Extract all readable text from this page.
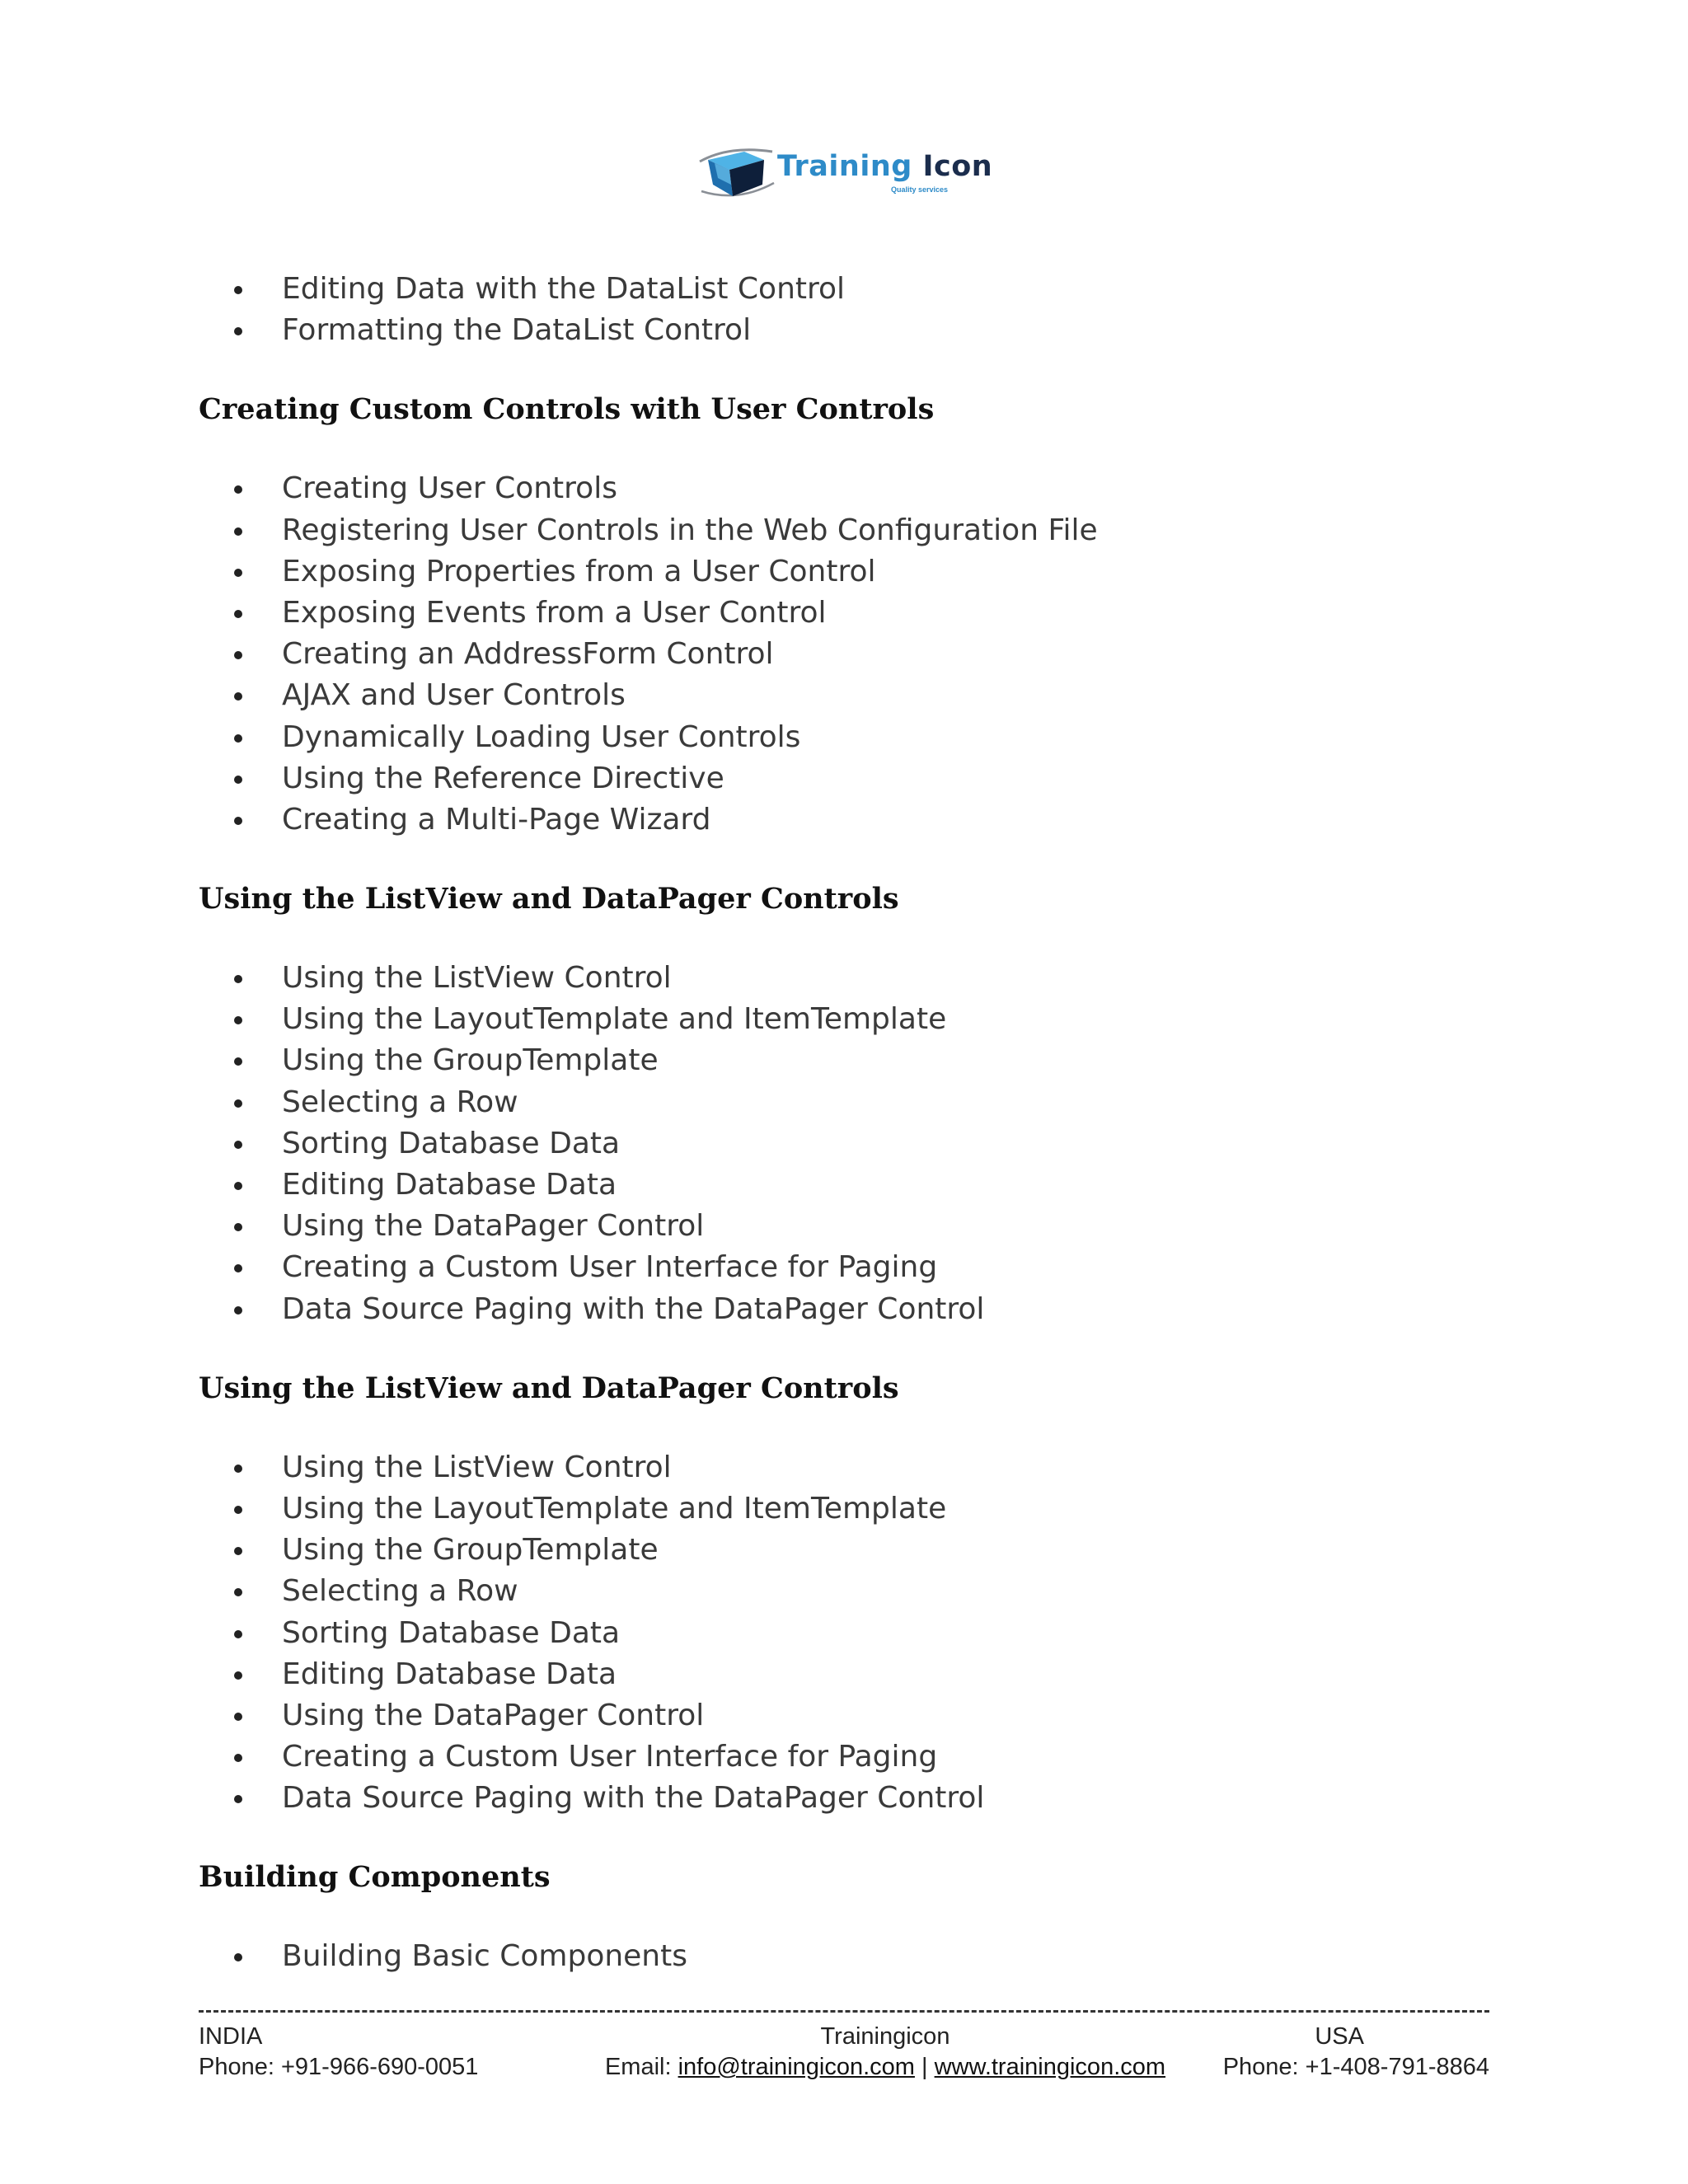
Training Icon
Quality services
Editing Data with the DataList Control
Formatting the DataList Control
Creating Custom Controls with User Controls
Creating User Controls
Registering User Controls in the Web Configuration File
Exposing Properties from a User Control
Exposing Events from a User Control
Creating an AddressForm Control
AJAX and User Controls
Dynamically Loading User Controls
Using the Reference Directive
Creating a Multi-Page Wizard
Using the ListView and DataPager Controls
Using the ListView Control
Using the LayoutTemplate and ItemTemplate
Using the GroupTemplate
Selecting a Row
Sorting Database Data
Editing Database Data
Using the DataPager Control
Creating a Custom User Interface for Paging
Data Source Paging with the DataPager Control
Using the ListView and DataPager Controls
Using the ListView Control
Using the LayoutTemplate and ItemTemplate
Using the GroupTemplate
Selecting a Row
Sorting Database Data
Editing Database Data
Using the DataPager Control
Creating a Custom User Interface for Paging
Data Source Paging with the DataPager Control
Building Components
Building Basic Components
INDIA
Phone: +91-966-690-0051
Trainingicon
Email: info@trainingicon.com | www.trainingicon.com
USA
Phone: +1-408-791-8864
